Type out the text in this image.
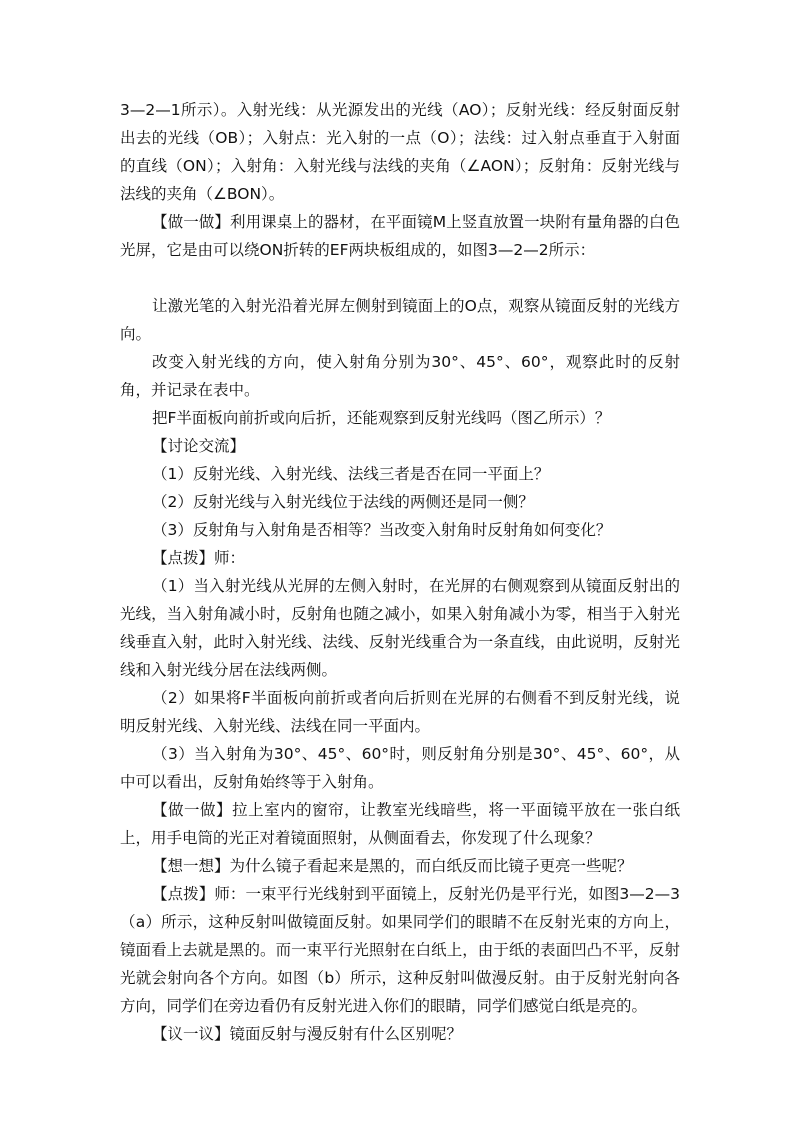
3—2—1所示）。入射光线：从光源发出的光线（AO）；反射光线：经反射面反射出去的光线（OB）；入射点：光入射的一点（O）；法线：过入射点垂直于入射面的直线（ON）；入射角：入射光线与法线的夹角（∠AON）；反射角：反射光线与法线的夹角（∠BON）。

【做一做】利用课桌上的器材，在平面镜M上竖直放置一块附有量角器的白色光屏，它是由可以绕ON折转的EF两块板组成的，如图3—2—2所示：

让激光笔的入射光沿着光屏左侧射到镜面上的O点，观察从镜面反射的光线方向。

改变入射光线的方向，使入射角分别为30°、45°、60°，观察此时的反射角，并记录在表中。

把F半面板向前折或向后折，还能观察到反射光线吗（图乙所示）？

【讨论交流】

（1）反射光线、入射光线、法线三者是否在同一平面上？

（2）反射光线与入射光线位于法线的两侧还是同一侧？

（3）反射角与入射角是否相等？当改变入射角时反射角如何变化？

【点拨】师：

（1）当入射光线从光屏的左侧入射时，在光屏的右侧观察到从镜面反射出的光线，当入射角减小时，反射角也随之减小，如果入射角减小为零，相当于入射光线垂直入射，此时入射光线、法线、反射光线重合为一条直线，由此说明，反射光线和入射光线分居在法线两侧。

（2）如果将F半面板向前折或者向后折则在光屏的右侧看不到反射光线，说明反射光线、入射光线、法线在同一平面内。

（3）当入射角为30°、45°、60°时，则反射角分别是30°、45°、60°，从中可以看出，反射角始终等于入射角。

【做一做】拉上室内的窗帘，让教室光线暗些，将一平面镜平放在一张白纸上，用手电筒的光正对着镜面照射，从侧面看去，你发现了什么现象？

【想一想】为什么镜子看起来是黑的，而白纸反而比镜子更亮一些呢？

【点拨】师：一束平行光线射到平面镜上，反射光仍是平行光，如图3—2—3（a）所示，这种反射叫做镜面反射。如果同学们的眼睛不在反射光束的方向上，镜面看上去就是黑的。而一束平行光照射在白纸上，由于纸的表面凹凸不平，反射光就会射向各个方向。如图（b）所示，这种反射叫做漫反射。由于反射光射向各方向，同学们在旁边看仍有反射光进入你们的眼睛，同学们感觉白纸是亮的。

【议一议】镜面反射与漫反射有什么区别呢？
